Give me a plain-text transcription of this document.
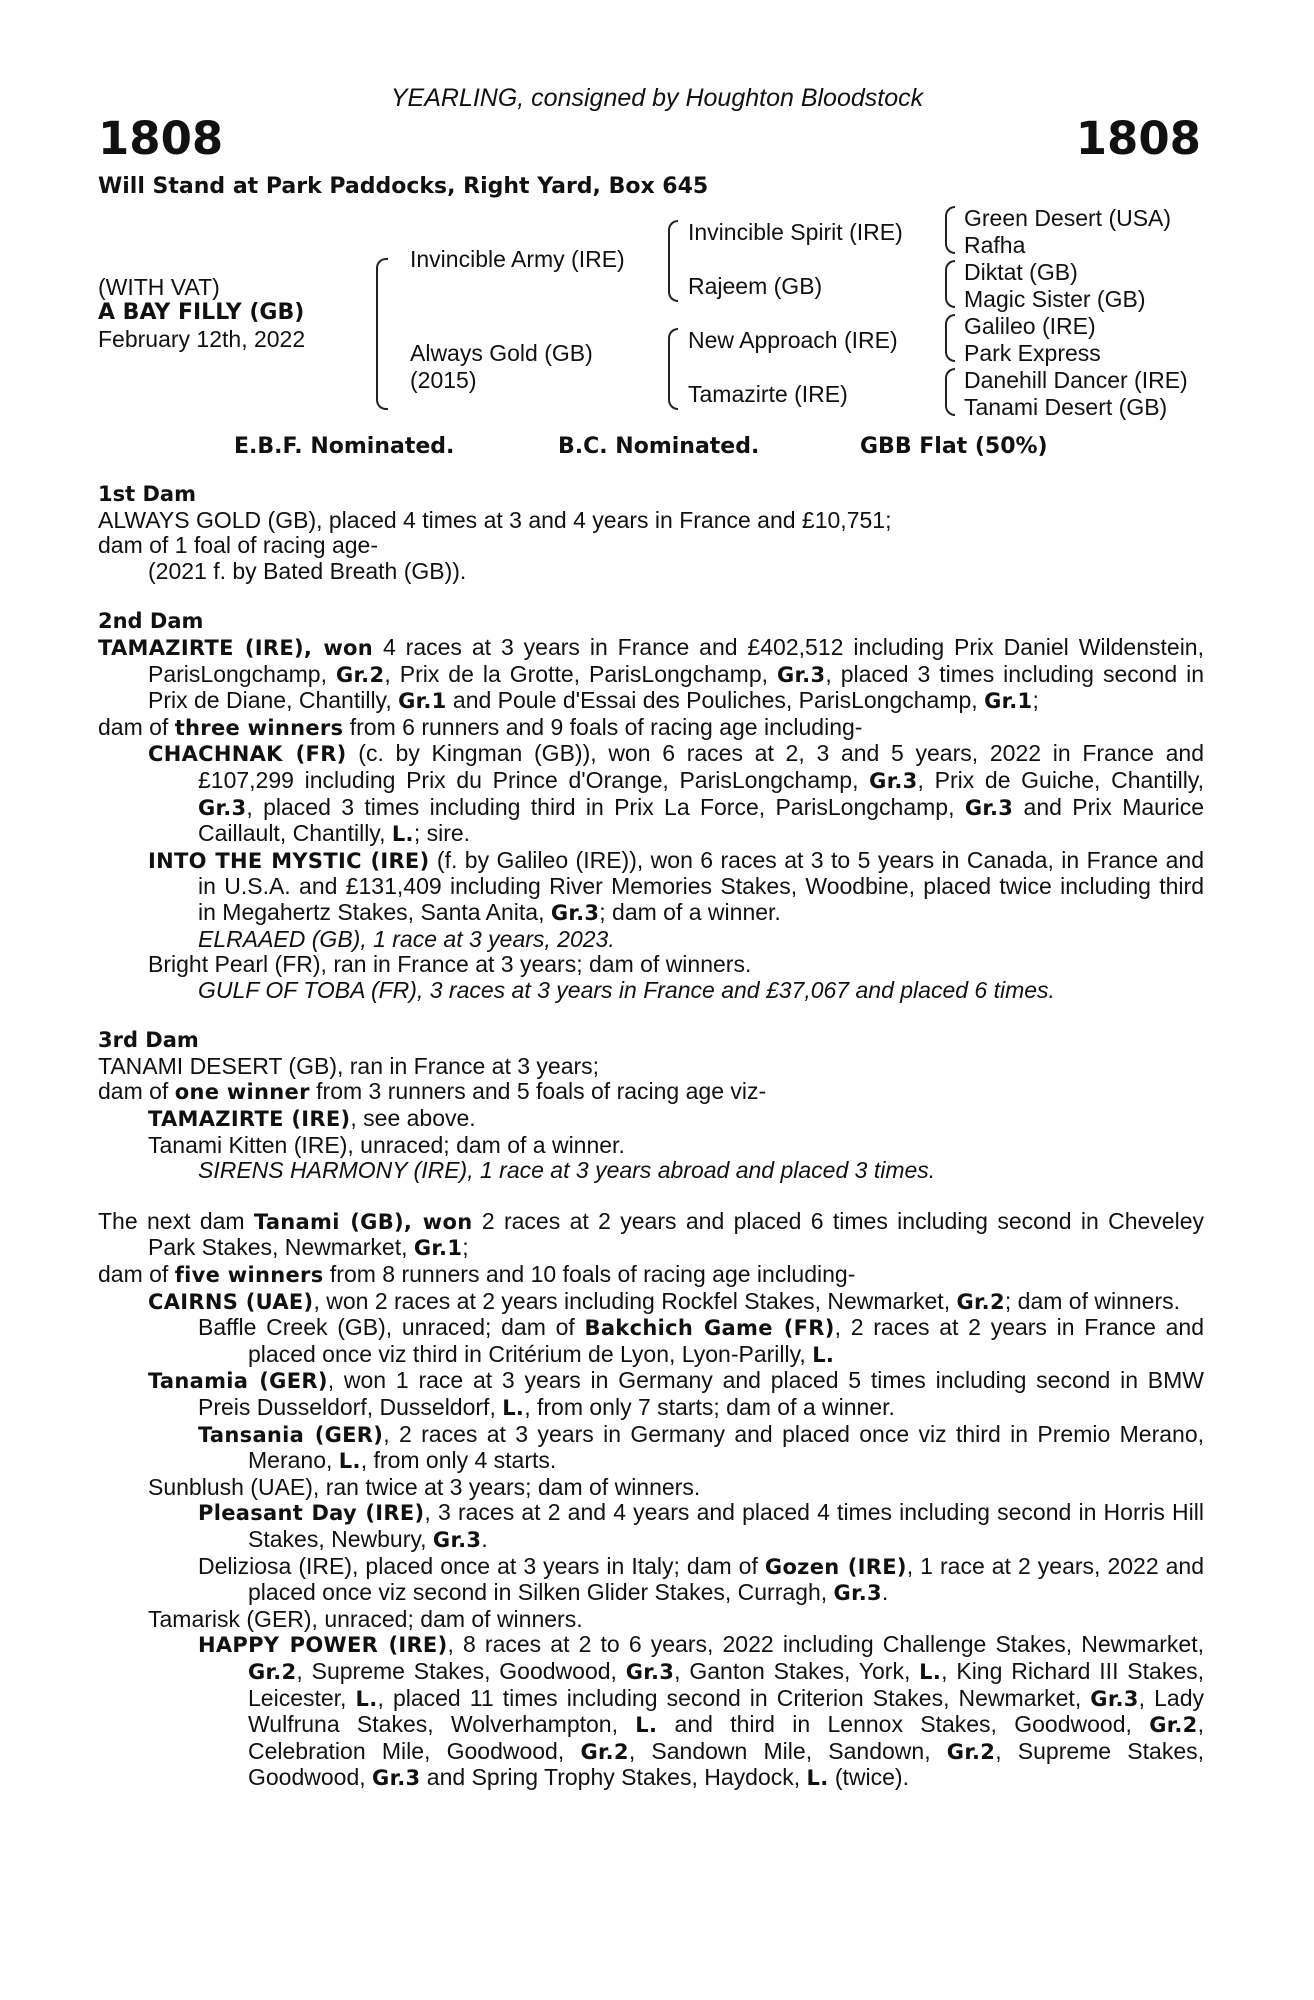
YEARLING, consigned by Houghton Bloodstock
1808	1808
Will Stand at Park Paddocks, Right Yard, Box 645
(WITH VAT)
A BAY FILLY (GB)
February 12th, 2022
Invincible Army (IRE)
Always Gold (GB)
(2015)
Invincible Spirit (IRE)
Rajeem (GB)
New Approach (IRE)
Tamazirte (IRE)
Green Desert (USA)
Rafha
Diktat (GB)
Magic Sister (GB)
Galileo (IRE)
Park Express
Danehill Dancer (IRE)
Tanami Desert (GB)
E.B.F. Nominated.	B.C. Nominated.	GBB Flat (50%)
1st Dam
ALWAYS GOLD (GB), placed 4 times at 3 and 4 years in France and £10,751;
dam of 1 foal of racing age-
(2021 f. by Bated Breath (GB)).
2nd Dam
TAMAZIRTE (IRE), won 4 races at 3 years in France and £402,512 including Prix Daniel Wildenstein, ParisLongchamp, Gr.2, Prix de la Grotte, ParisLongchamp, Gr.3, placed 3 times including second in Prix de Diane, Chantilly, Gr.1 and Poule d'Essai des Pouliches, ParisLongchamp, Gr.1;
dam of three winners from 6 runners and 9 foals of racing age including-
CHACHNAK (FR) (c. by Kingman (GB)), won 6 races at 2, 3 and 5 years, 2022 in France and £107,299 including Prix du Prince d'Orange, ParisLongchamp, Gr.3, Prix de Guiche, Chantilly, Gr.3, placed 3 times including third in Prix La Force, ParisLongchamp, Gr.3 and Prix Maurice Caillault, Chantilly, L.; sire.
INTO THE MYSTIC (IRE) (f. by Galileo (IRE)), won 6 races at 3 to 5 years in Canada, in France and in U.S.A. and £131,409 including River Memories Stakes, Woodbine, placed twice including third in Megahertz Stakes, Santa Anita, Gr.3; dam of a winner.
ELRAAED (GB), 1 race at 3 years, 2023.
Bright Pearl (FR), ran in France at 3 years; dam of winners.
GULF OF TOBA (FR), 3 races at 3 years in France and £37,067 and placed 6 times.
3rd Dam
TANAMI DESERT (GB), ran in France at 3 years;
dam of one winner from 3 runners and 5 foals of racing age viz-
TAMAZIRTE (IRE), see above.
Tanami Kitten (IRE), unraced; dam of a winner.
SIRENS HARMONY (IRE), 1 race at 3 years abroad and placed 3 times.
The next dam Tanami (GB), won 2 races at 2 years and placed 6 times including second in Cheveley Park Stakes, Newmarket, Gr.1;
dam of five winners from 8 runners and 10 foals of racing age including-
CAIRNS (UAE), won 2 races at 2 years including Rockfel Stakes, Newmarket, Gr.2; dam of winners.
Baffle Creek (GB), unraced; dam of Bakchich Game (FR), 2 races at 2 years in France and placed once viz third in Critérium de Lyon, Lyon-Parilly, L.
Tanamia (GER), won 1 race at 3 years in Germany and placed 5 times including second in BMW Preis Dusseldorf, Dusseldorf, L., from only 7 starts; dam of a winner.
Tansania (GER), 2 races at 3 years in Germany and placed once viz third in Premio Merano, Merano, L., from only 4 starts.
Sunblush (UAE), ran twice at 3 years; dam of winners.
Pleasant Day (IRE), 3 races at 2 and 4 years and placed 4 times including second in Horris Hill Stakes, Newbury, Gr.3.
Deliziosa (IRE), placed once at 3 years in Italy; dam of Gozen (IRE), 1 race at 2 years, 2022 and placed once viz second in Silken Glider Stakes, Curragh, Gr.3.
Tamarisk (GER), unraced; dam of winners.
HAPPY POWER (IRE), 8 races at 2 to 6 years, 2022 including Challenge Stakes, Newmarket, Gr.2, Supreme Stakes, Goodwood, Gr.3, Ganton Stakes, York, L., King Richard III Stakes, Leicester, L., placed 11 times including second in Criterion Stakes, Newmarket, Gr.3, Lady Wulfruna Stakes, Wolverhampton, L. and third in Lennox Stakes, Goodwood, Gr.2, Celebration Mile, Goodwood, Gr.2, Sandown Mile, Sandown, Gr.2, Supreme Stakes, Goodwood, Gr.3 and Spring Trophy Stakes, Haydock, L. (twice).
